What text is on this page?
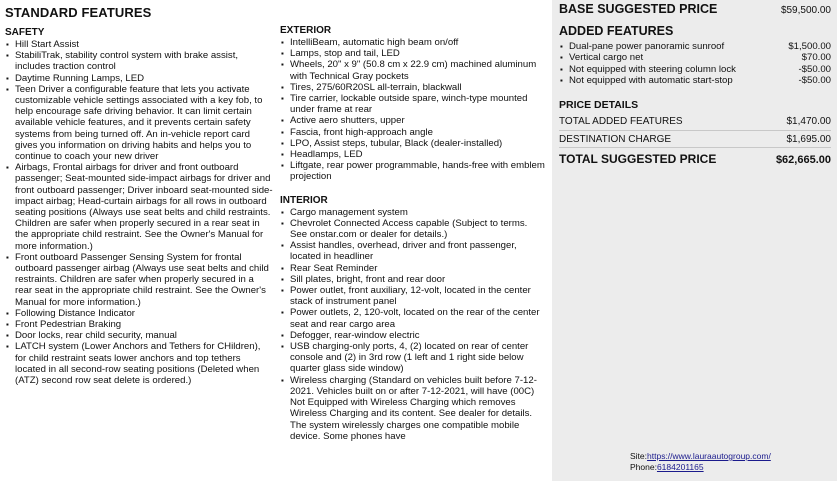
STANDARD FEATURES
SAFETY
▪ Hill Start Assist
▪ StabiliTrak, stability control system with brake assist, includes traction control
▪ Daytime Running Lamps, LED
▪ Teen Driver a configurable feature that lets you activate customizable vehicle settings associated with a key fob, to help encourage safe driving behavior. It can limit certain available vehicle features, and it prevents certain safety systems from being turned off. An in-vehicle report card gives you information on driving habits and helps you to continue to coach your new driver
▪ Airbags, Frontal airbags for driver and front outboard passenger; Seat-mounted side-impact airbags for driver and front outboard passenger; Driver inboard seat-mounted side-impact airbag; Head-curtain airbags for all rows in outboard seating positions (Always use seat belts and child restraints. Children are safer when properly secured in a rear seat in the appropriate child restraint. See the Owner's Manual for more information.)
▪ Front outboard Passenger Sensing System for frontal outboard passenger airbag (Always use seat belts and child restraints. Children are safer when properly secured in a rear seat in the appropriate child restraint. See the Owner's Manual for more information.)
▪ Following Distance Indicator
▪ Front Pedestrian Braking
▪ Door locks, rear child security, manual
▪ LATCH system (Lower Anchors and Tethers for CHildren), for child restraint seats lower anchors and top tethers located in all second-row seating positions (Deleted when (ATZ) second row seat delete is ordered.)
EXTERIOR
▪ IntelliBeam, automatic high beam on/off
▪ Lamps, stop and tail, LED
▪ Wheels, 20" x 9" (50.8 cm x 22.9 cm) machined aluminum with Technical Gray pockets
▪ Tires, 275/60R20SL all-terrain, blackwall
▪ Tire carrier, lockable outside spare, winch-type mounted under frame at rear
▪ Active aero shutters, upper
▪ Fascia, front high-approach angle
▪ LPO, Assist steps, tubular, Black (dealer-installed)
▪ Headlamps, LED
▪ Liftgate, rear power programmable, hands-free with emblem projection
INTERIOR
▪ Cargo management system
▪ Chevrolet Connected Access capable (Subject to terms. See onstar.com or dealer for details.)
▪ Assist handles, overhead, driver and front passenger, located in headliner
▪ Rear Seat Reminder
▪ Sill plates, bright, front and rear door
▪ Power outlet, front auxiliary, 12-volt, located in the center stack of instrument panel
▪ Power outlets, 2, 120-volt, located on the rear of the center seat and rear cargo area
▪ Defogger, rear-window electric
▪ USB charging-only ports, 4, (2) located on rear of center console and (2) in 3rd row (1 left and 1 right side below quarter glass side window)
▪ Wireless charging (Standard on vehicles built before 7-12-2021. Vehicles built on or after 7-12-2021, will have (00C) Not Equipped with Wireless Charging which removes Wireless Charging and its content. See dealer for details. The system wirelessly charges one compatible mobile device. Some phones have
BASE SUGGESTED PRICE	$59,500.00
ADDED FEATURES
▪ Dual-pane power panoramic sunroof	$1,500.00
▪ Vertical cargo net	$70.00
▪ Not equipped with steering column lock	-$50.00
▪ Not equipped with automatic start-stop	-$50.00
PRICE DETAILS
TOTAL ADDED FEATURES	$1,470.00
DESTINATION CHARGE	$1,695.00
TOTAL SUGGESTED PRICE	$62,665.00
Site:https://www.lauraautogroup.com/
Phone:6184201165
